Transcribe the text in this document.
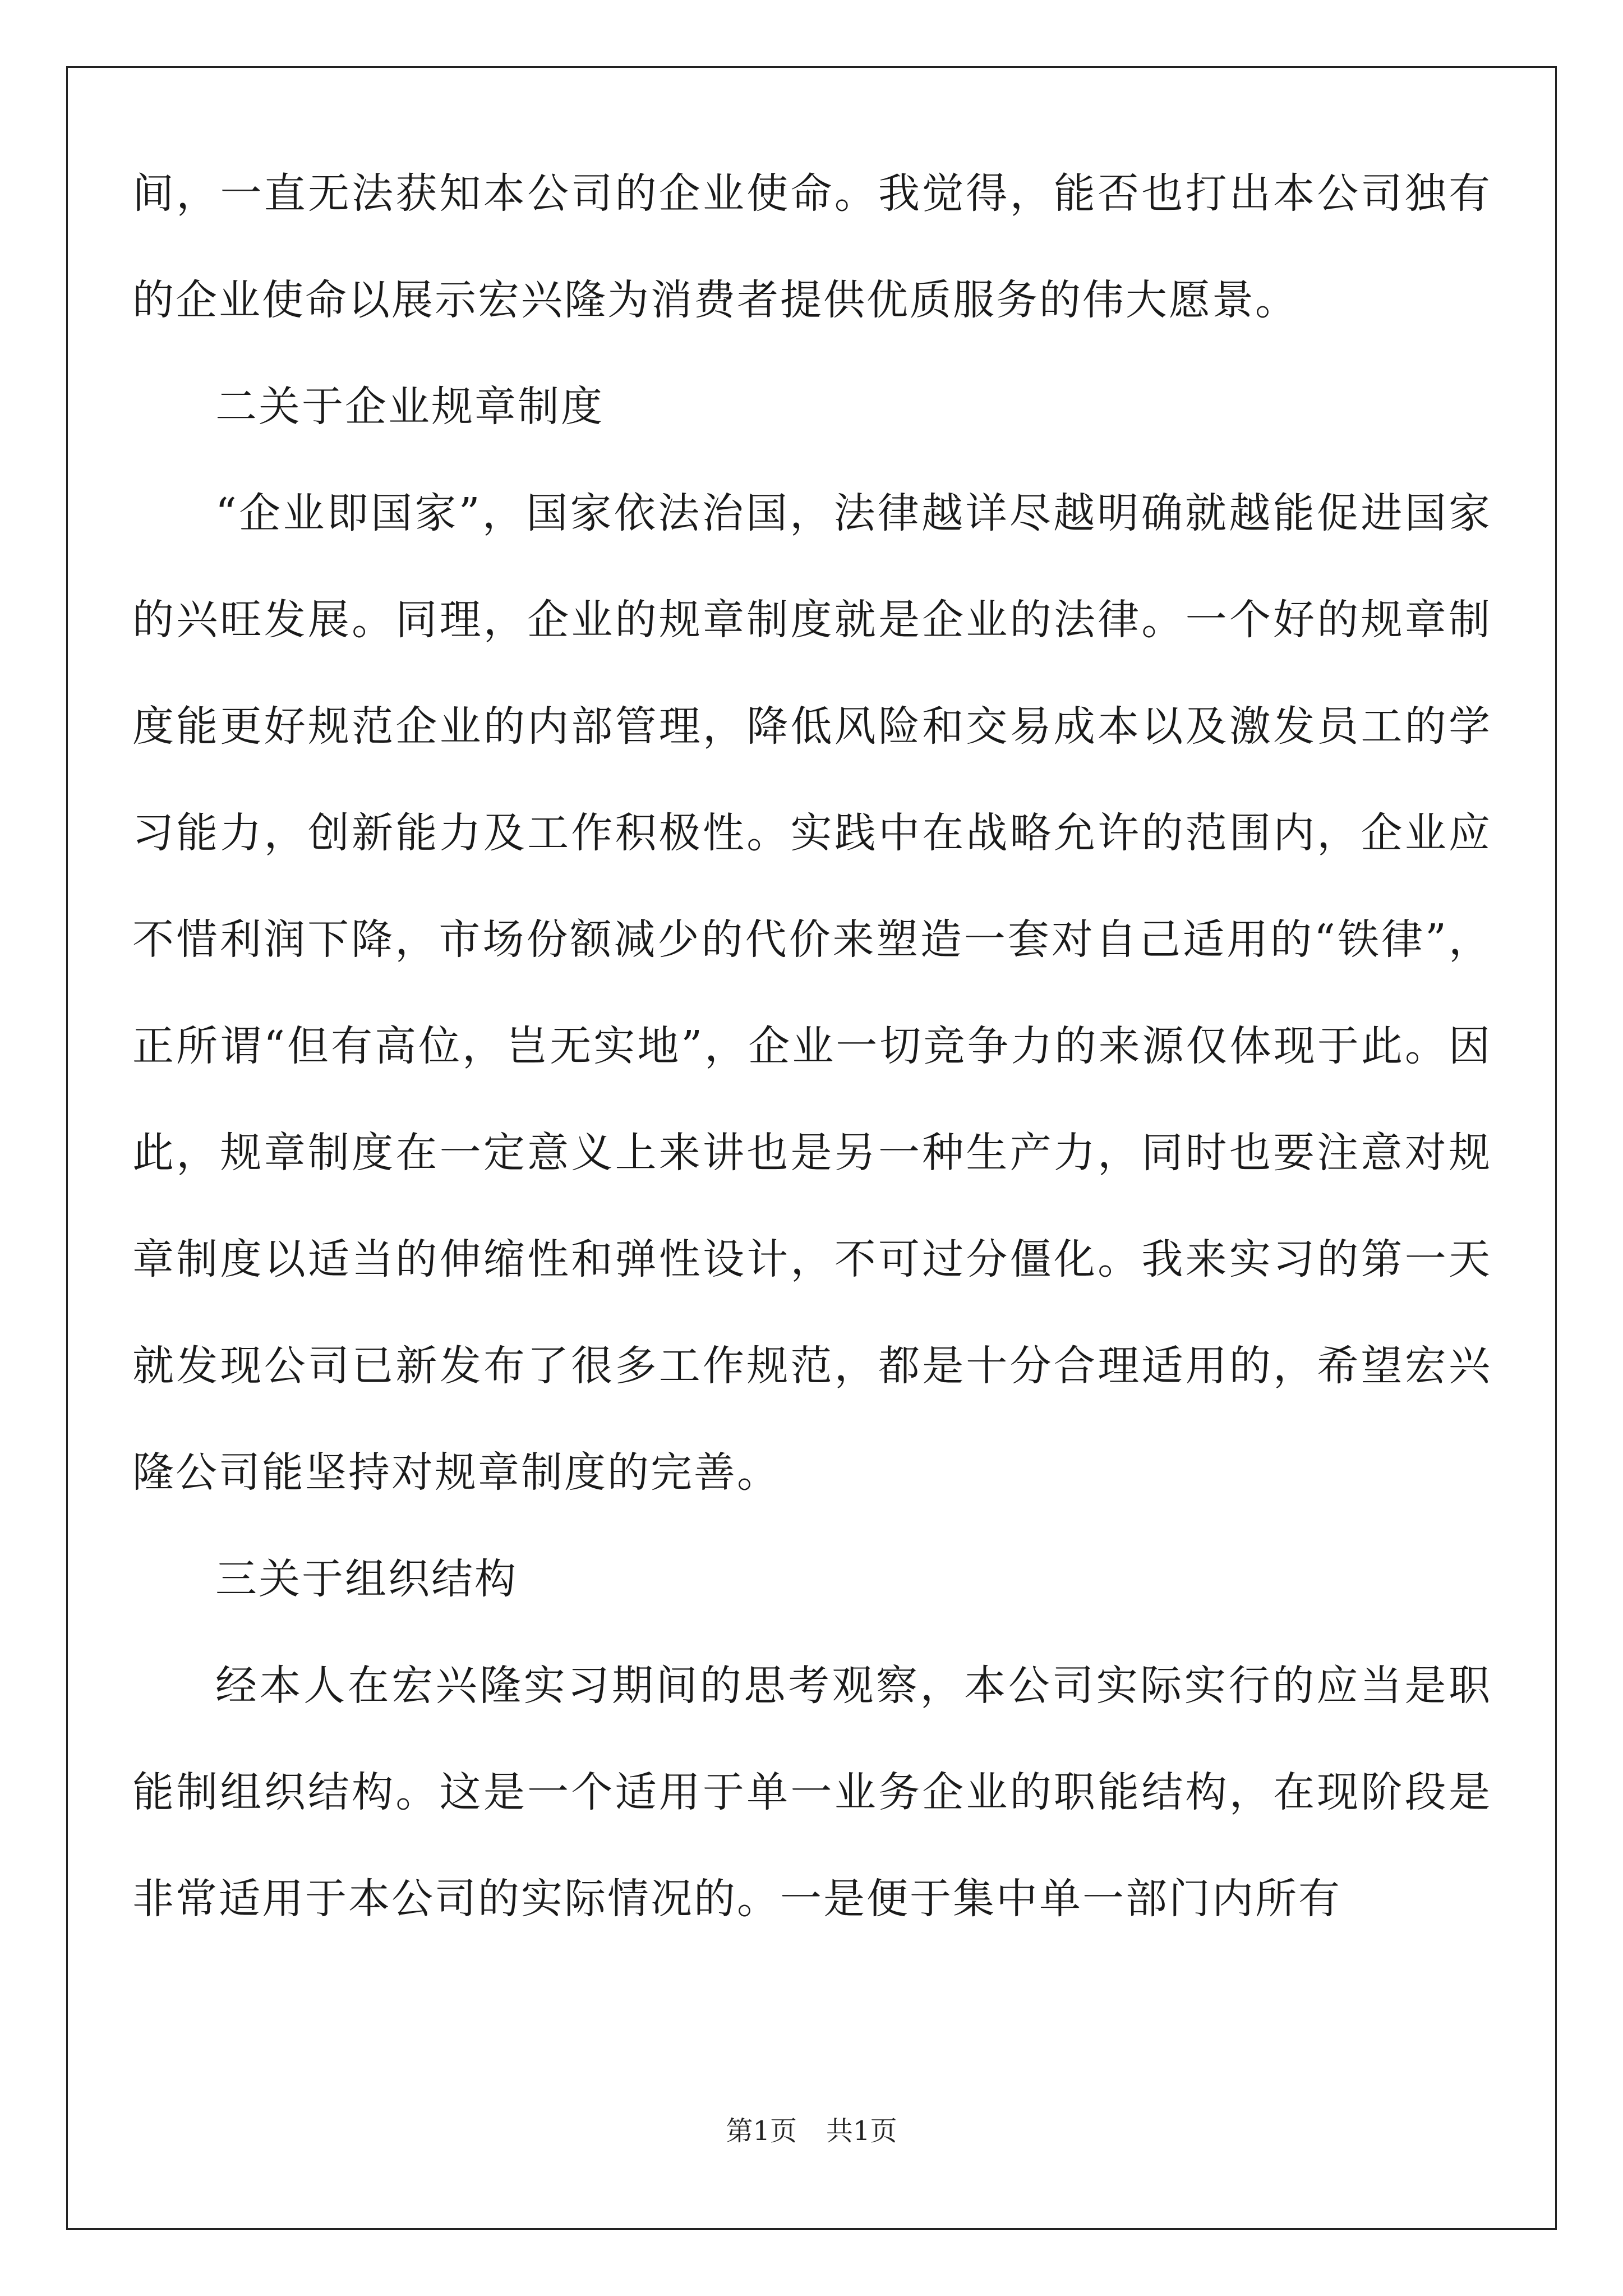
间，一直无法获知本公司的企业使命。我觉得，能否也打出本公司独有的企业使命以展示宏兴隆为消费者提供优质服务的伟大愿景。

二关于企业规章制度

“企业即国家”，国家依法治国，法律越详尽越明确就越能促进国家的兴旺发展。同理，企业的规章制度就是企业的法律。一个好的规章制度能更好规范企业的内部管理，降低风险和交易成本以及激发员工的学习能力，创新能力及工作积极性。实践中在战略允许的范围内，企业应不惜利润下降，市场份额减少的代价来塑造一套对自己适用的“铁律”，正所谓“但有高位，岂无实地”，企业一切竞争力的来源仅体现于此。因此，规章制度在一定意义上来讲也是另一种生产力，同时也要注意对规章制度以适当的伸缩性和弹性设计，不可过分僵化。我来实习的第一天就发现公司已新发布了很多工作规范，都是十分合理适用的，希望宏兴隆公司能坚持对规章制度的完善。

三关于组织结构

经本人在宏兴隆实习期间的思考观察，本公司实际实行的应当是职能制组织结构。这是一个适用于单一业务企业的职能结构，在现阶段是非常适用于本公司的实际情况的。一是便于集中单一部门内所有

第1页 共1页
